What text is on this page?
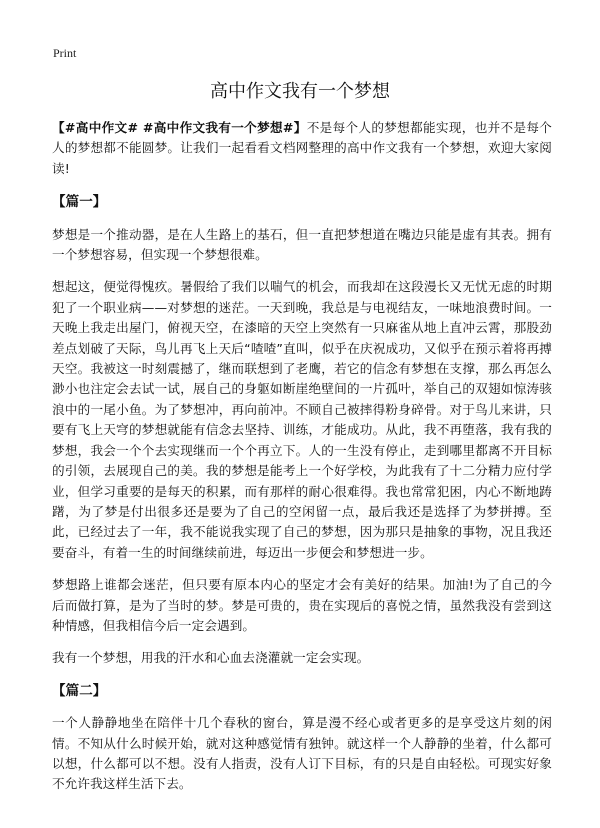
Print
高中作文我有一个梦想

【#高中作文# #高中作文我有一个梦想#】不是每个人的梦想都能实现，也并不是每个人的梦想都不能圆梦。让我们一起看看文档网整理的高中作文我有一个梦想，欢迎大家阅读!

【篇一】

梦想是一个推动器，是在人生路上的基石，但一直把梦想道在嘴边只能是虚有其表。拥有一个梦想容易，但实现一个梦想很难。

想起这，便觉得愧疚。暑假给了我们以喘气的机会，而我却在这段漫长又无忧无虑的时期犯了一个职业病——对梦想的迷茫。一天到晚，我总是与电视结友，一味地浪费时间。一天晚上我走出屋门，俯视天空，在漆暗的天空上突然有一只麻雀从地上直冲云霄，那股劲差点划破了天际，鸟儿再飞上天后“喳喳”直叫，似乎在庆祝成功，又似乎在预示着将再搏天空。我被这一时刻震撼了，继而联想到了老鹰，若它的信念有梦想在支撑，那么再怎么渺小也注定会去试一试，展自己的身躯如断崖绝壁间的一片孤叶，举自己的双翅如惊涛骇浪中的一尾小鱼。为了梦想冲，再向前冲。不顾自己被摔得粉身碎骨。对于鸟儿来讲，只要有飞上天穹的梦想就能有信念去坚持、训练，才能成功。从此，我不再堕落，我有我的梦想，我会一个个去实现继而一个个再立下。人的一生没有停止，走到哪里都离不开目标的引领，去展现自己的美。我的梦想是能考上一个好学校，为此我有了十二分精力应付学业，但学习重要的是每天的积累，而有那样的耐心很难得。我也常常犯困，内心不断地踌躇，为了梦是付出很多还是要为了自己的空闲留一点，最后我还是选择了为梦拼搏。至此，已经过去了一年，我不能说我实现了自己的梦想，因为那只是抽象的事物，况且我还要奋斗，有着一生的时间继续前进，每迈出一步便会和梦想进一步。

梦想路上谁都会迷茫，但只要有原本内心的坚定才会有美好的结果。加油!为了自己的今后而做打算，是为了当时的梦。梦是可贵的，贵在实现后的喜悦之情，虽然我没有尝到这种情感，但我相信今后一定会遇到。

我有一个梦想，用我的汗水和心血去浇灌就一定会实现。

【篇二】

一个人静静地坐在陪伴十几个春秋的窗台，算是漫不经心或者更多的是享受这片刻的闲情。不知从什么时候开始，就对这种感觉情有独钟。就这样一个人静静的坐着，什么都可以想，什么都可以不想。没有人指责，没有人订下目标，有的只是自由轻松。可现实好象不允许我这样生活下去。
